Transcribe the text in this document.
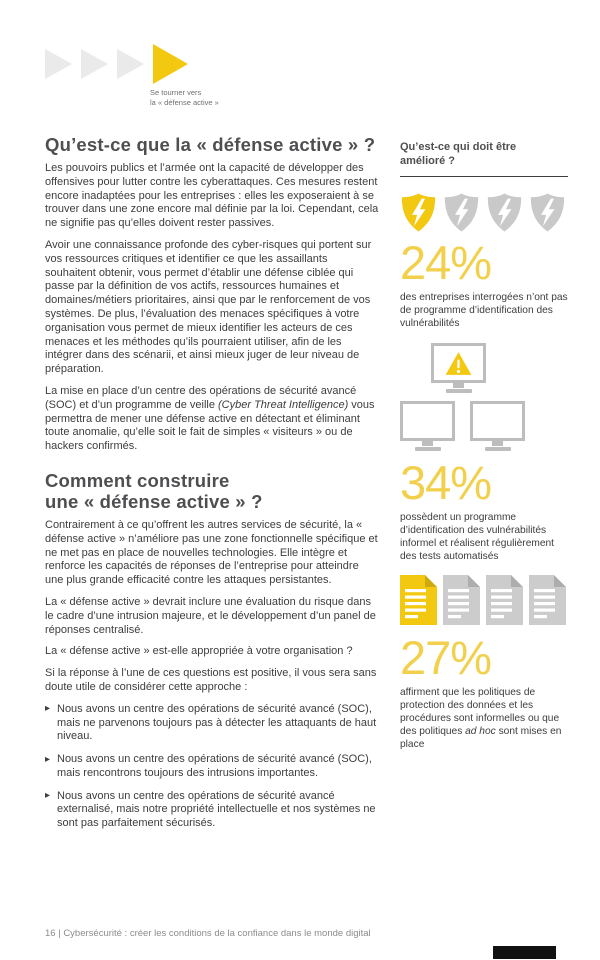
Se tourner vers
la « défense active »
Qu’est-ce que la « défense active » ?

Les pouvoirs publics et l’armée ont la capacité de développer des offensives pour lutter contre les cyberattaques. Ces mesures restent encore inadaptées pour les entreprises : elles les exposeraient à se trouver dans une zone encore mal définie par la loi. Cependant, cela ne signifie pas qu’elles doivent rester passives.

Avoir une connaissance profonde des cyber-risques qui portent sur vos ressources critiques et identifier ce que les assaillants souhaitent obtenir, vous permet d’établir une défense ciblée qui passe par la définition de vos actifs, ressources humaines et domaines/métiers prioritaires, ainsi que par le renforcement de vos systèmes. De plus, l’évaluation des menaces spécifiques à votre organisation vous permet de mieux identifier les acteurs de ces menaces et les méthodes qu’ils pourraient utiliser, afin de les intégrer dans des scénarii, et ainsi mieux juger de leur niveau de préparation.

La mise en place d’un centre des opérations de sécurité avancé (SOC) et d’un programme de veille (Cyber Threat Intelligence) vous permettra de mener une défense active en détectant et éliminant toute anomalie, qu’elle soit le fait de simples « visiteurs » ou de hackers confirmés.

Comment construire
une « défense active » ?

Contrairement à ce qu’offrent les autres services de sécurité, la « défense active » n’améliore pas une zone fonctionnelle spécifique et ne met pas en place de nouvelles technologies. Elle intègre et renforce les capacités de réponses de l’entreprise pour atteindre une plus grande efficacité contre les attaques persistantes.

La « défense active » devrait inclure une évaluation du risque dans le cadre d’une intrusion majeure, et le développement d’un panel de réponses centralisé.

La « défense active » est-elle appropriée à votre organisation ?

Si la réponse à l’une de ces questions est positive, il vous sera sans doute utile de considérer cette approche :

▸ Nous avons un centre des opérations de sécurité avancé (SOC), mais ne parvenons toujours pas à détecter les attaquants de haut niveau.
▸ Nous avons un centre des opérations de sécurité avancé (SOC), mais rencontrons toujours des intrusions importantes.
▸ Nous avons un centre des opérations de sécurité avancé externalisé, mais notre propriété intellectuelle et nos systèmes ne sont pas parfaitement sécurisés.
Qu’est-ce qui doit être
amélioré ?
24%

des entreprises interrogées n’ont pas de programme d’identification des vulnérabilités

34%

possèdent un programme d’identification des vulnérabilités informel et réalisent régulièrement des tests automatisés

27%

affirment que les politiques de protection des données et les procédures sont informelles ou que des politiques ad hoc sont mises en place

16 | Cybersécurité : créer les conditions de la confiance dans le monde digital
